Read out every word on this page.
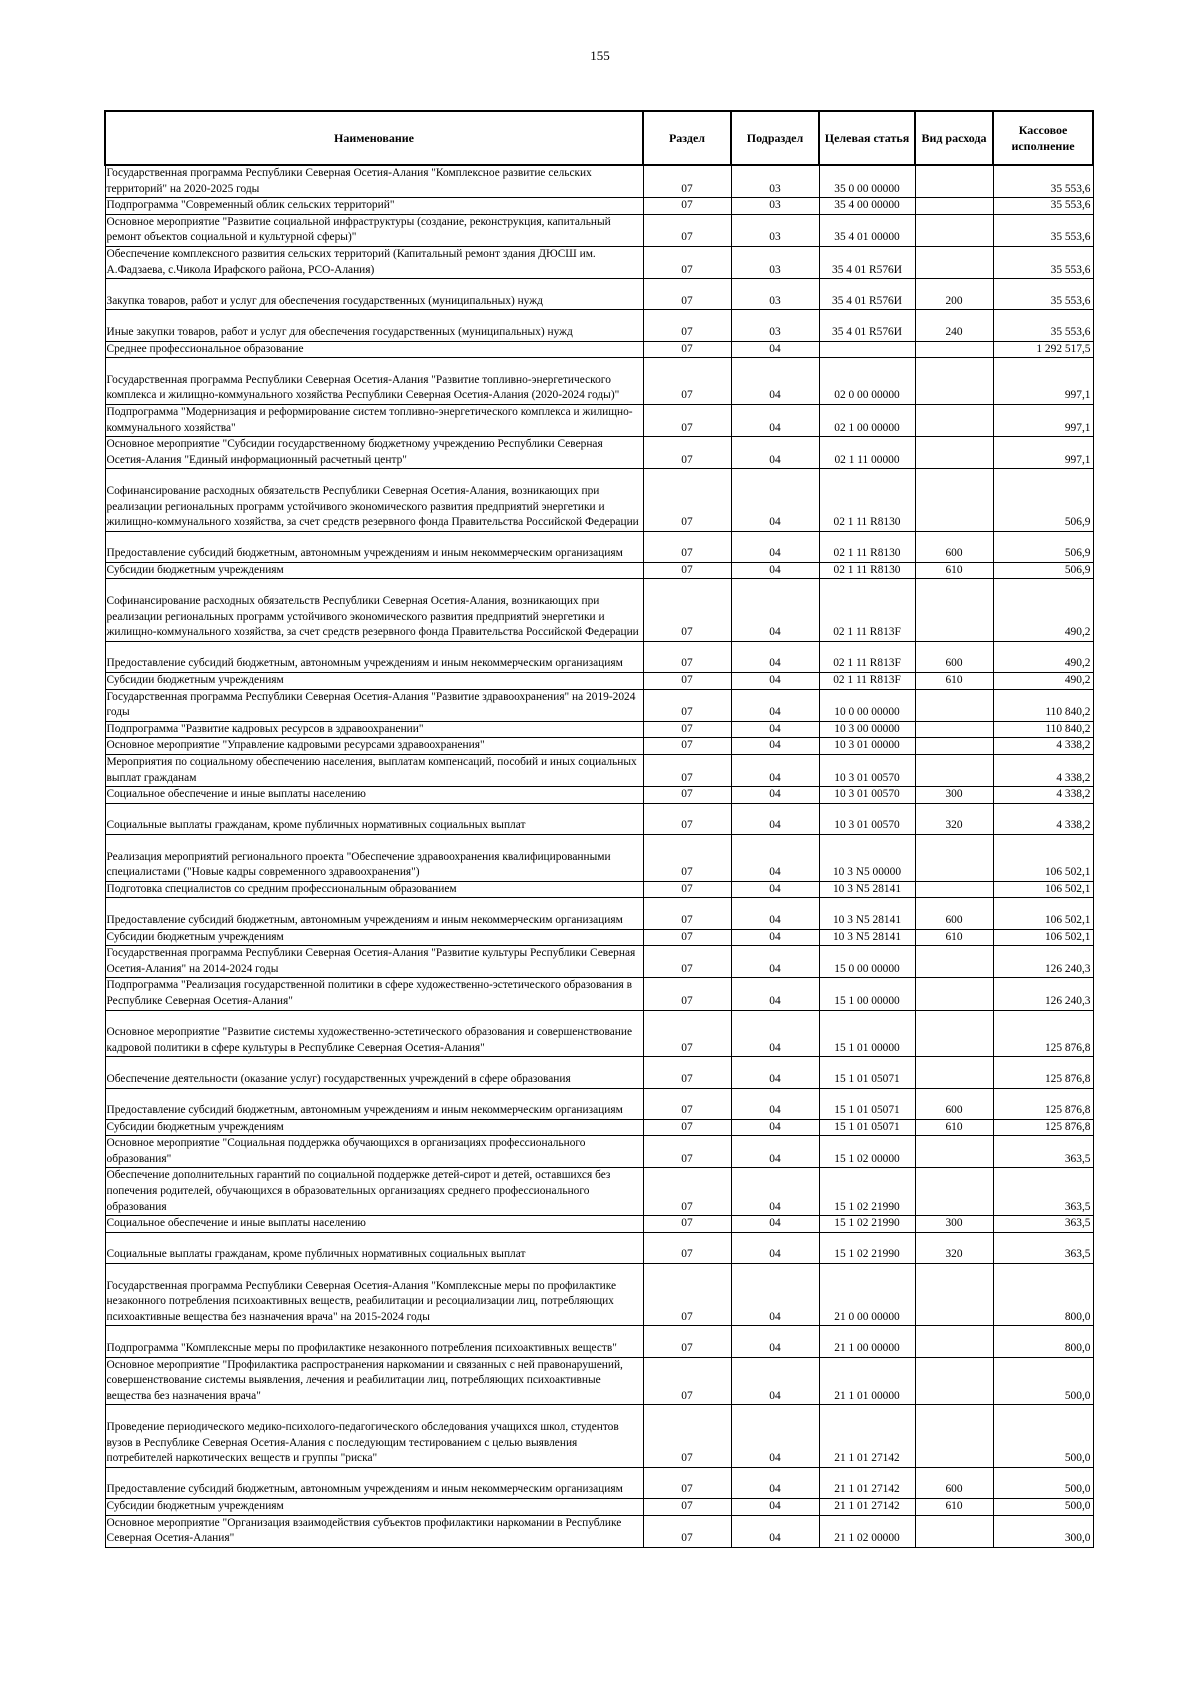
155
Наименование	Раздел	Подраздел	Целевая статья	Вид расхода	Кассовое исполнение
Государственная программа Республики Северная Осетия-Алания "Комплексное развитие сельских территорий" на 2020-2025 годы	07	03	35 0 00 00000		35 553,6
Подпрограмма "Современный облик сельских территорий"	07	03	35 4 00 00000		35 553,6
Основное мероприятие "Развитие социальной инфраструктуры (создание, реконструкция, капитальный ремонт объектов социальной и культурной сферы)"	07	03	35 4 01 00000		35 553,6
Обеспечение комплексного развития сельских территорий (Капитальный ремонт здания ДЮСШ им. А.Фадзаева, с.Чикола Ирафского района, РСО-Алания)	07	03	35 4 01 R576И		35 553,6
Закупка товаров, работ и услуг для обеспечения государственных (муниципальных) нужд	07	03	35 4 01 R576И	200	35 553,6
Иные закупки товаров, работ и услуг для обеспечения государственных (муниципальных) нужд	07	03	35 4 01 R576И	240	35 553,6
Среднее профессиональное образование	07	04			1 292 517,5
Государственная программа Республики Северная Осетия-Алания "Развитие топливно-энергетического комплекса и жилищно-коммунального хозяйства Республики Северная Осетия-Алания (2020-2024 годы)"	07	04	02 0 00 00000		997,1
Подпрограмма "Модернизация и реформирование систем топливно-энергетического комплекса и жилищно-коммунального хозяйства"	07	04	02 1 00 00000		997,1
Основное мероприятие "Субсидии государственному бюджетному учреждению Республики Северная Осетия-Алания "Единый информационный расчетный центр"	07	04	02 1 11 00000		997,1
Софинансирование расходных обязательств Республики Северная Осетия-Алания, возникающих при реализации региональных программ устойчивого экономического развития предприятий энергетики и жилищно-коммунального хозяйства, за счет средств резервного фонда Правительства Российской Федерации	07	04	02 1 11 R8130		506,9
Предоставление субсидий бюджетным, автономным учреждениям и иным некоммерческим организациям	07	04	02 1 11 R8130	600	506,9
Субсидии бюджетным учреждениям	07	04	02 1 11 R8130	610	506,9
Софинансирование расходных обязательств Республики Северная Осетия-Алания, возникающих при реализации региональных программ устойчивого экономического развития предприятий энергетики и жилищно-коммунального хозяйства, за счет средств резервного фонда Правительства Российской Федерации	07	04	02 1 11 R813F		490,2
Предоставление субсидий бюджетным, автономным учреждениям и иным некоммерческим организациям	07	04	02 1 11 R813F	600	490,2
Субсидии бюджетным учреждениям	07	04	02 1 11 R813F	610	490,2
Государственная программа Республики Северная Осетия-Алания "Развитие здравоохранения" на 2019-2024 годы	07	04	10 0 00 00000		110 840,2
Подпрограмма "Развитие кадровых ресурсов в здравоохранении"	07	04	10 3 00 00000		110 840,2
Основное мероприятие "Управление кадровыми ресурсами здравоохранения"	07	04	10 3 01 00000		4 338,2
Мероприятия по социальному обеспечению населения, выплатам компенсаций, пособий и иных социальных выплат гражданам	07	04	10 3 01 00570		4 338,2
Социальное обеспечение и иные выплаты населению	07	04	10 3 01 00570	300	4 338,2
Социальные выплаты гражданам, кроме публичных нормативных социальных выплат	07	04	10 3 01 00570	320	4 338,2
Реализация мероприятий регионального проекта "Обеспечение здравоохранения квалифицированными специалистами ("Новые кадры современного здравоохранения")	07	04	10 3 N5 00000		106 502,1
Подготовка специалистов со средним профессиональным образованием	07	04	10 3 N5 28141		106 502,1
Предоставление субсидий бюджетным, автономным учреждениям и иным некоммерческим организациям	07	04	10 3 N5 28141	600	106 502,1
Субсидии бюджетным учреждениям	07	04	10 3 N5 28141	610	106 502,1
Государственная программа Республики Северная Осетия-Алания "Развитие культуры Республики Северная Осетия-Алания" на 2014-2024 годы	07	04	15 0 00 00000		126 240,3
Подпрограмма "Реализация государственной политики в сфере художественно-эстетического образования в Республике Северная Осетия-Алания"	07	04	15 1 00 00000		126 240,3
Основное мероприятие "Развитие системы художественно-эстетического образования и совершенствование кадровой политики в сфере культуры в Республике Северная Осетия-Алания"	07	04	15 1 01 00000		125 876,8
Обеспечение деятельности (оказание услуг) государственных учреждений в сфере образования	07	04	15 1 01 05071		125 876,8
Предоставление субсидий бюджетным, автономным учреждениям и иным некоммерческим организациям	07	04	15 1 01 05071	600	125 876,8
Субсидии бюджетным учреждениям	07	04	15 1 01 05071	610	125 876,8
Основное мероприятие "Социальная поддержка обучающихся в организациях профессионального образования"	07	04	15 1 02 00000		363,5
Обеспечение дополнительных гарантий по социальной поддержке детей-сирот и детей, оставшихся без попечения родителей, обучающихся в образовательных организациях среднего профессионального образования	07	04	15 1 02 21990		363,5
Социальное обеспечение и иные выплаты населению	07	04	15 1 02 21990	300	363,5
Социальные выплаты гражданам, кроме публичных нормативных социальных выплат	07	04	15 1 02 21990	320	363,5
Государственная программа Республики Северная Осетия-Алания "Комплексные меры по профилактике незаконного потребления психоактивных веществ, реабилитации и ресоциализации лиц, потребляющих психоактивные вещества без назначения врача" на 2015-2024 годы	07	04	21 0 00 00000		800,0
Подпрограмма "Комплексные меры по профилактике незаконного потребления психоактивных веществ"	07	04	21 1 00 00000		800,0
Основное мероприятие "Профилактика распространения наркомании и связанных с ней правонарушений, совершенствование системы выявления, лечения и реабилитации лиц, потребляющих психоактивные вещества без назначения врача"	07	04	21 1 01 00000		500,0
Проведение периодического медико-психолого-педагогического обследования учащихся школ, студентов вузов в Республике Северная Осетия-Алания с последующим тестированием с целью выявления потребителей наркотических веществ и группы "риска"	07	04	21 1 01 27142		500,0
Предоставление субсидий бюджетным, автономным учреждениям и иным некоммерческим организациям	07	04	21 1 01 27142	600	500,0
Субсидии бюджетным учреждениям	07	04	21 1 01 27142	610	500,0
Основное мероприятие "Организация взаимодействия субъектов профилактики наркомании в Республике Северная Осетия-Алания"	07	04	21 1 02 00000		300,0
